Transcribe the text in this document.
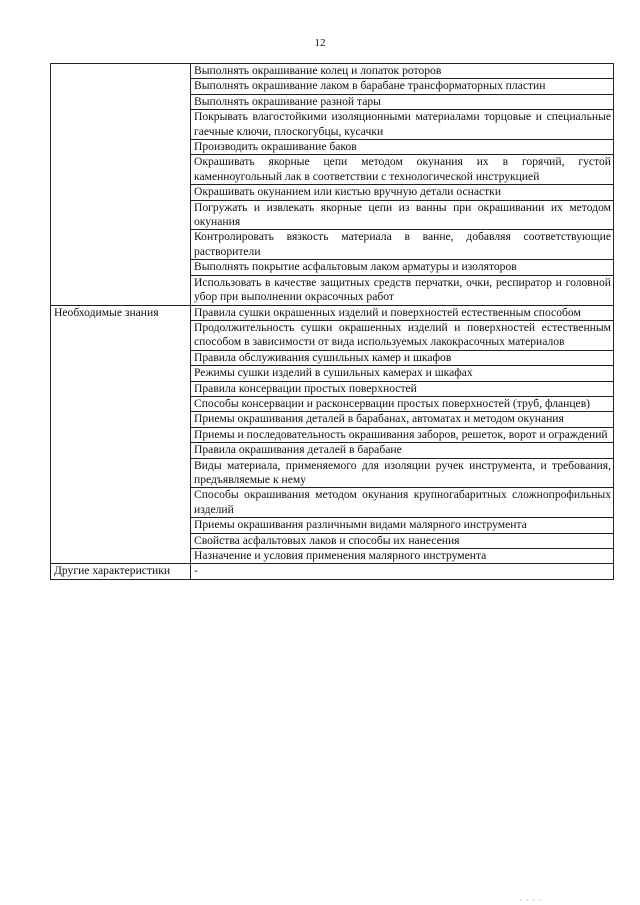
12
	Выполнять окрашивание колец и лопаток роторов
	Выполнять окрашивание лаком в барабане трансформаторных пластин
	Выполнять окрашивание разной тары
	Покрывать влагостойкими изоляционными материалами торцовые и специальные гаечные ключи, плоскогубцы, кусачки
	Производить окрашивание баков
	Окрашивать якорные цепи методом окунания их в горячий, густой каменноугольный лак в соответствии с технологической инструкцией
	Окрашивать окунанием или кистью вручную детали оснастки
	Погружать и извлекать якорные цепи из ванны при окрашивании их методом окунания
	Контролировать вязкость материала в ванне, добавляя соответствующие растворители
	Выполнять покрытие асфальтовым лаком арматуры и изоляторов
	Использовать в качестве защитных средств перчатки, очки, респиратор и головной убор при выполнении окрасочных работ
Необходимые знания	Правила сушки окрашенных изделий и поверхностей естественным способом
	Продолжительность сушки окрашенных изделий и поверхностей естественным способом в зависимости от вида используемых лакокрасочных материалов
	Правила обслуживания сушильных камер и шкафов
	Режимы сушки изделий в сушильных камерах и шкафах
	Правила консервации простых поверхностей
	Способы консервации и расконсервации простых поверхностей (труб, фланцев)
	Приемы окрашивания деталей в барабанах, автоматах и методом окунания
	Приемы и последовательность окрашивания заборов, решеток, ворот и ограждений
	Правила окрашивания деталей в барабане
	Виды материала, применяемого для изоляции ручек инструмента, и требования, предъявляемые к нему
	Способы окрашивания методом окунания крупногабаритных сложнопрофильных изделий
	Приемы окрашивания различными видами малярного инструмента
	Свойства асфальтовых лаков и способы их нанесения
	Назначение и условия применения малярного инструмента
Другие характеристики	-
· · · ·
